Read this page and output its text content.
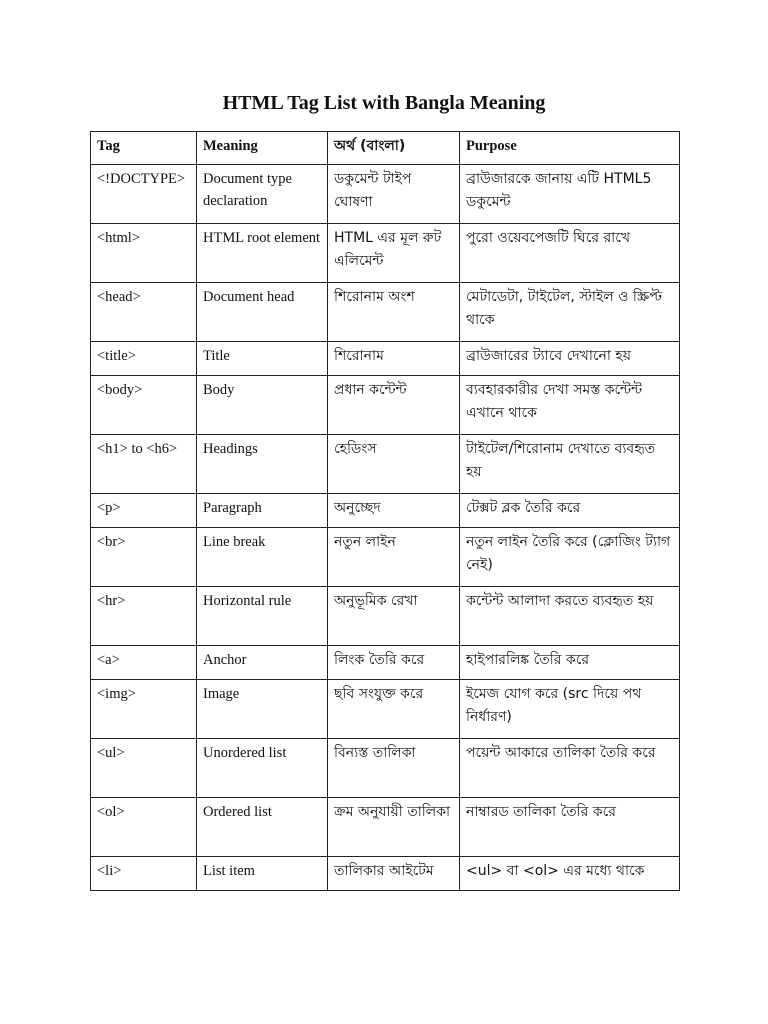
HTML Tag List with Bangla Meaning
Tag	Meaning	অর্থ (বাংলা)	Purpose
<!DOCTYPE>	Document type declaration	ডকুমেন্ট টাইপ ঘোষণা	ব্রাউজারকে জানায় এটি HTML5 ডকুমেন্ট
<html>	HTML root element	HTML এর মূল রুট এলিমেন্ট	পুরো ওয়েবপেজটি ঘিরে রাখে
<head>	Document head	শিরোনাম অংশ	মেটাডেটা, টাইটেল, স্টাইল ও স্ক্রিপ্ট থাকে
<title>	Title	শিরোনাম	ব্রাউজারের ট্যাবে দেখানো হয়
<body>	Body	প্রধান কন্টেন্ট	ব্যবহারকারীর দেখা সমস্ত কন্টেন্ট এখানে থাকে
<h1> to <h6>	Headings	হেডিংস	টাইটেল/শিরোনাম দেখাতে ব্যবহৃত হয়
<p>	Paragraph	অনুচ্ছেদ	টেক্সট ব্লক তৈরি করে
<br>	Line break	নতুন লাইন	নতুন লাইন তৈরি করে (ক্লোজিং ট্যাগ নেই)
<hr>	Horizontal rule	অনুভূমিক রেখা	কন্টেন্ট আলাদা করতে ব্যবহৃত হয়
<a>	Anchor	লিংক তৈরি করে	হাইপারলিঙ্ক তৈরি করে
<img>	Image	ছবি সংযুক্ত করে	ইমেজ যোগ করে (src দিয়ে পথ নির্ধারণ)
<ul>	Unordered list	বিন্যস্ত তালিকা	পয়েন্ট আকারে তালিকা তৈরি করে
<ol>	Ordered list	ক্রম অনুযায়ী তালিকা	নাম্বারড তালিকা তৈরি করে
<li>	List item	তালিকার আইটেম	<ul> বা <ol> এর মধ্যে থাকে
